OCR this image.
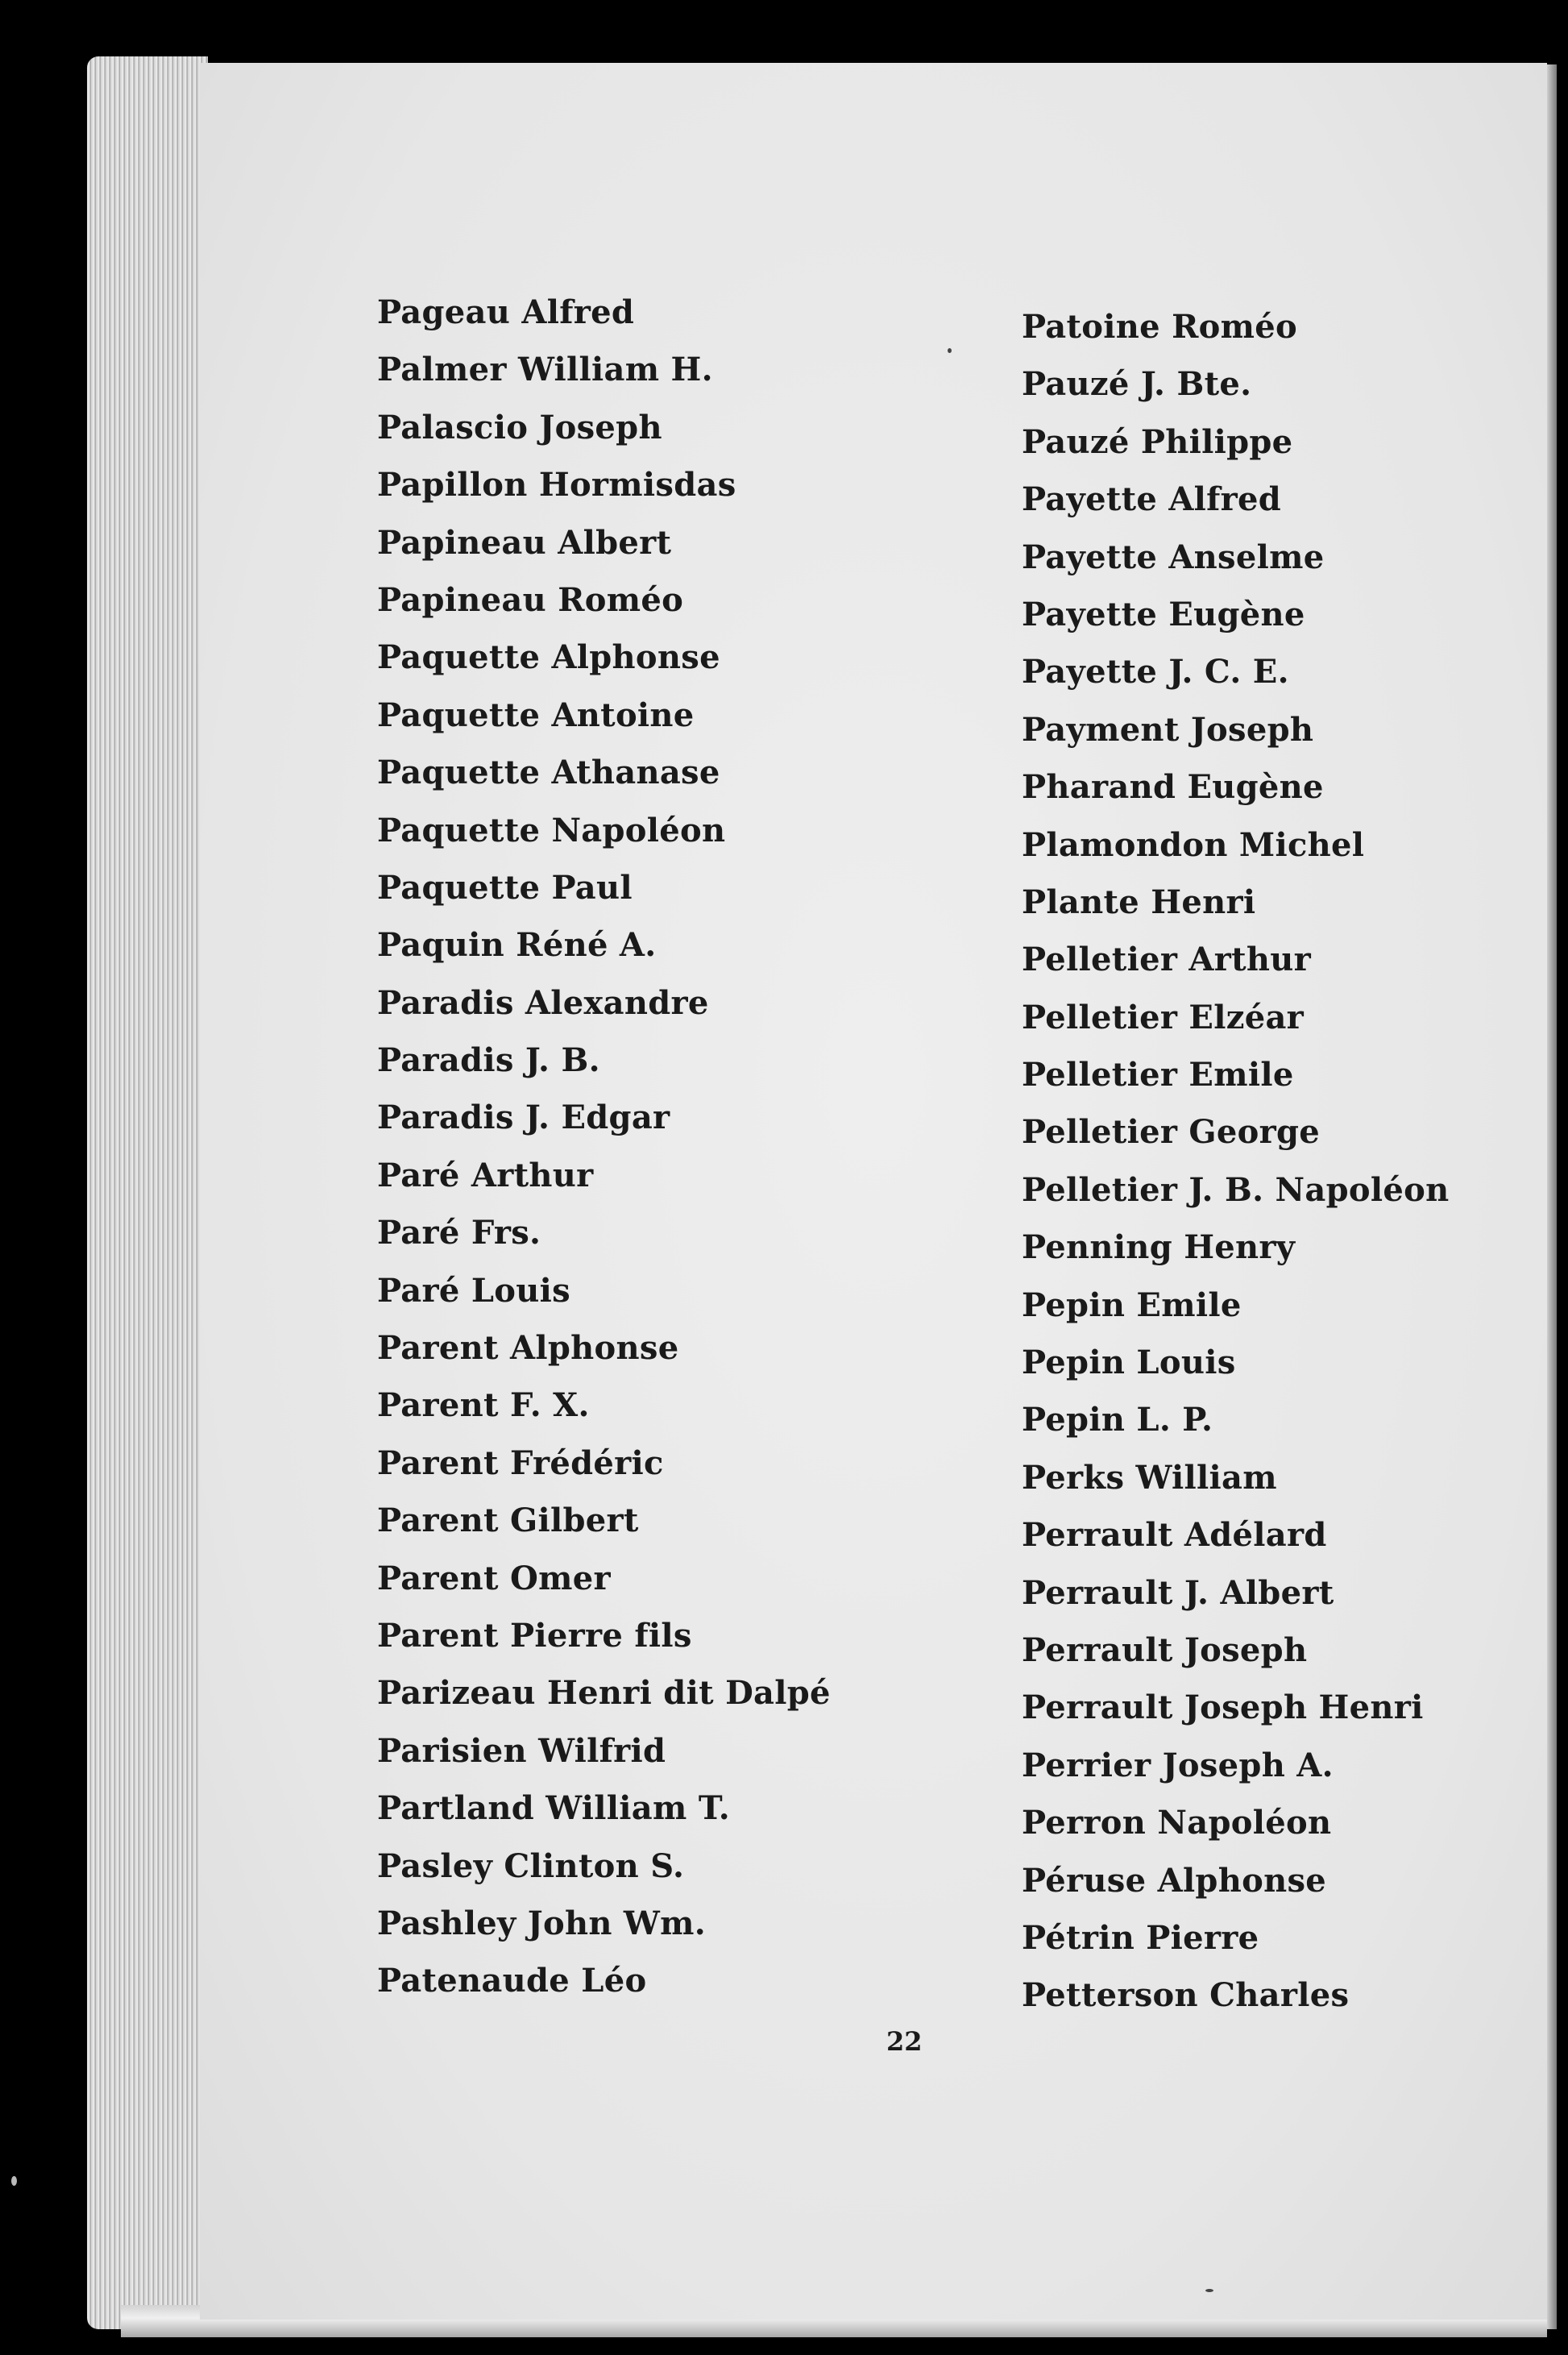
Pageau Alfred
Palmer William H.
Palascio Joseph
Papillon Hormisdas
Papineau Albert
Papineau Roméo
Paquette Alphonse
Paquette Antoine
Paquette Athanase
Paquette Napoléon
Paquette Paul
Paquin Réné A.
Paradis Alexandre
Paradis J. B.
Paradis J. Edgar
Paré Arthur
Paré Frs.
Paré Louis
Parent Alphonse
Parent F. X.
Parent Frédéric
Parent Gilbert
Parent Omer
Parent Pierre fils
Parizeau Henri dit Dalpé
Parisien Wilfrid
Partland William T.
Pasley Clinton S.
Pashley John Wm.
Patenaude Léo
Patoine Roméo
Pauzé J. Bte.
Pauzé Philippe
Payette Alfred
Payette Anselme
Payette Eugène
Payette J. C. E.
Payment Joseph
Pharand Eugène
Plamondon Michel
Plante Henri
Pelletier Arthur
Pelletier Elzéar
Pelletier Emile
Pelletier George
Pelletier J. B. Napoléon
Penning Henry
Pepin Emile
Pepin Louis
Pepin L. P.
Perks William
Perrault Adélard
Perrault J. Albert
Perrault Joseph
Perrault Joseph Henri
Perrier Joseph A.
Perron Napoléon
Péruse Alphonse
Pétrin Pierre
Petterson Charles
22
